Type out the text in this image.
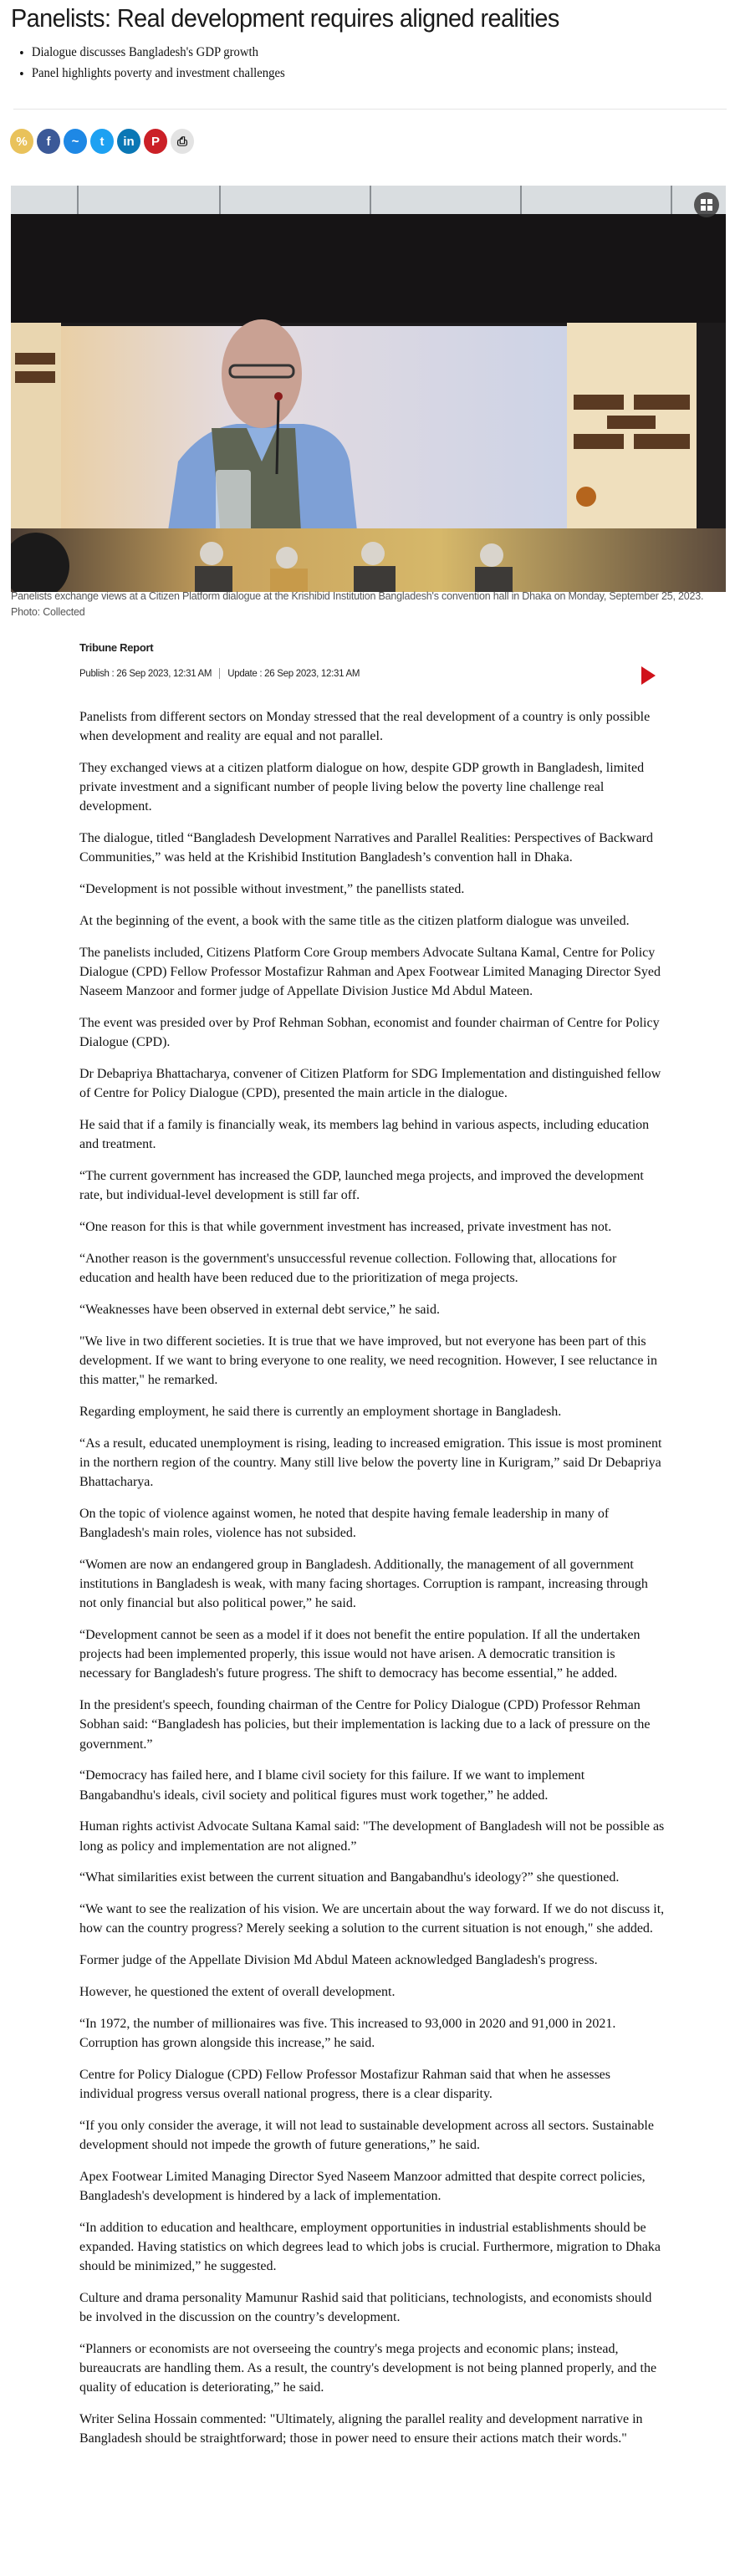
Panelists: Real development requires aligned realities
• Dialogue discusses Bangladesh's GDP growth
• Panel highlights poverty and investment challenges
%	f	~	t	in	P	⎙
Panelists exchange views at a Citizen Platform dialogue at the Krishibid Institution Bangladesh's convention hall in Dhaka on Monday, September 25, 2023. Photo: Collected
Tribune Report
Publish : 26 Sep 2023, 12:31 AM Update : 26 Sep 2023, 12:31 AM

Panelists from different sectors on Monday stressed that the real development of a country is only possible when development and reality are equal and not parallel.

They exchanged views at a citizen platform dialogue on how, despite GDP growth in Bangladesh, limited private investment and a significant number of people living below the poverty line challenge real development.

The dialogue, titled “Bangladesh Development Narratives and Parallel Realities: Perspectives of Backward Communities,” was held at the Krishibid Institution Bangladesh’s convention hall in Dhaka.

“Development is not possible without investment,” the panellists stated.

At the beginning of the event, a book with the same title as the citizen platform dialogue was unveiled.

The panelists included, Citizens Platform Core Group members Advocate Sultana Kamal, Centre for Policy Dialogue (CPD) Fellow Professor Mostafizur Rahman and Apex Footwear Limited Managing Director Syed Naseem Manzoor and former judge of Appellate Division Justice Md Abdul Mateen.

The event was presided over by Prof Rehman Sobhan, economist and founder chairman of Centre for Policy Dialogue (CPD).

Dr Debapriya Bhattacharya, convener of Citizen Platform for SDG Implementation and distinguished fellow of Centre for Policy Dialogue (CPD), presented the main article in the dialogue.

He said that if a family is financially weak, its members lag behind in various aspects, including education and treatment.

“The current government has increased the GDP, launched mega projects, and improved the development rate, but individual-level development is still far off.

“One reason for this is that while government investment has increased, private investment has not.

“Another reason is the government's unsuccessful revenue collection. Following that, allocations for education and health have been reduced due to the prioritization of mega projects.

“Weaknesses have been observed in external debt service,” he said.

"We live in two different societies. It is true that we have improved, but not everyone has been part of this development. If we want to bring everyone to one reality, we need recognition. However, I see reluctance in this matter," he remarked.

Regarding employment, he said there is currently an employment shortage in Bangladesh.

“As a result, educated unemployment is rising, leading to increased emigration. This issue is most prominent in the northern region of the country. Many still live below the poverty line in Kurigram,” said Dr Debapriya Bhattacharya.

On the topic of violence against women, he noted that despite having female leadership in many of Bangladesh's main roles, violence has not subsided.

“Women are now an endangered group in Bangladesh. Additionally, the management of all government institutions in Bangladesh is weak, with many facing shortages. Corruption is rampant, increasing through not only financial but also political power,” he said.

“Development cannot be seen as a model if it does not benefit the entire population. If all the undertaken projects had been implemented properly, this issue would not have arisen. A democratic transition is necessary for Bangladesh's future progress. The shift to democracy has become essential,” he added.

In the president's speech, founding chairman of the Centre for Policy Dialogue (CPD) Professor Rehman Sobhan said: “Bangladesh has policies, but their implementation is lacking due to a lack of pressure on the government.”

“Democracy has failed here, and I blame civil society for this failure. If we want to implement Bangabandhu's ideals, civil society and political figures must work together,” he added.

Human rights activist Advocate Sultana Kamal said: "The development of Bangladesh will not be possible as long as policy and implementation are not aligned.”

“What similarities exist between the current situation and Bangabandhu's ideology?” she questioned.

“We want to see the realization of his vision. We are uncertain about the way forward. If we do not discuss it, how can the country progress? Merely seeking a solution to the current situation is not enough," she added.

Former judge of the Appellate Division Md Abdul Mateen acknowledged Bangladesh's progress.

However, he questioned the extent of overall development.

“In 1972, the number of millionaires was five. This increased to 93,000 in 2020 and 91,000 in 2021. Corruption has grown alongside this increase,” he said.

Centre for Policy Dialogue (CPD) Fellow Professor Mostafizur Rahman said that when he assesses individual progress versus overall national progress, there is a clear disparity.

“If you only consider the average, it will not lead to sustainable development across all sectors. Sustainable development should not impede the growth of future generations,” he said.

Apex Footwear Limited Managing Director Syed Naseem Manzoor admitted that despite correct policies, Bangladesh's development is hindered by a lack of implementation.

“In addition to education and healthcare, employment opportunities in industrial establishments should be expanded. Having statistics on which degrees lead to which jobs is crucial. Furthermore, migration to Dhaka should be minimized,” he suggested.

Culture and drama personality Mamunur Rashid said that politicians, technologists, and economists should be involved in the discussion on the country’s development.

“Planners or economists are not overseeing the country's mega projects and economic plans; instead, bureaucrats are handling them. As a result, the country's development is not being planned properly, and the quality of education is deteriorating,” he said.

Writer Selina Hossain commented: "Ultimately, aligning the parallel reality and development narrative in Bangladesh should be straightforward; those in power need to ensure their actions match their words."
